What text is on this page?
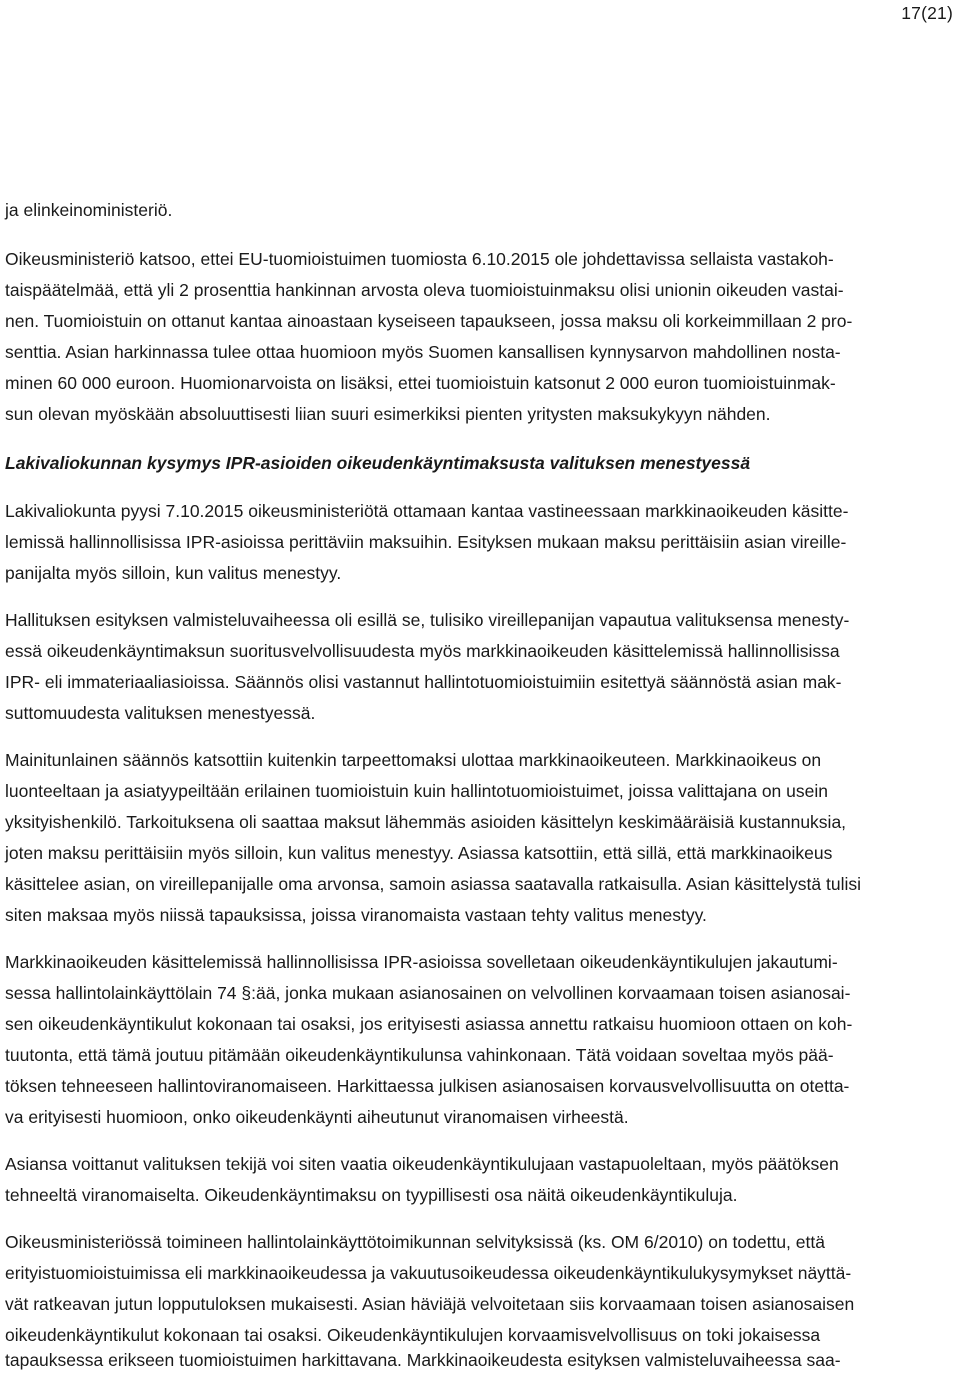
17(21)
ja elinkeinoministeriö.
Oikeusministeriö katsoo, ettei EU-tuomioistuimen tuomiosta 6.10.2015 ole johdettavissa sellaista vastakoh-
taispäätelmää, että yli 2 prosenttia hankinnan arvosta oleva tuomioistuinmaksu olisi unionin oikeuden vastai-
nen. Tuomioistuin on ottanut kantaa ainoastaan kyseiseen tapaukseen, jossa maksu oli korkeimmillaan 2 pro-
senttia. Asian harkinnassa tulee ottaa huomioon myös Suomen kansallisen kynnysarvon mahdollinen nosta-
minen 60 000 euroon. Huomionarvoista on lisäksi, ettei tuomioistuin katsonut 2 000 euron tuomioistuinmak-
sun olevan myöskään absoluuttisesti liian suuri esimerkiksi pienten yritysten maksukykyyn nähden.
Lakivaliokunnan kysymys IPR-asioiden oikeudenkäyntimaksusta valituksen menestyessä
Lakivaliokunta pyysi 7.10.2015 oikeusministeriötä ottamaan kantaa vastineessaan markkinaoikeuden käsitte-
lemissä hallinnollisissa IPR-asioissa perittäviin maksuihin. Esityksen mukaan maksu perittäisiin asian vireille-
panijalta myös silloin, kun valitus menestyy.
Hallituksen esityksen valmisteluvaiheessa oli esillä se, tulisiko vireillepanijan vapautua valituksensa menesty-
essä oikeudenkäyntimaksun suoritusvelvollisuudesta myös markkinaoikeuden käsittelemissä hallinnollisissa
IPR- eli immateriaaliasioissa. Säännös olisi vastannut hallintotuomioistuimiin esitettyä säännöstä asian mak-
suttomuudesta valituksen menestyessä.
Mainitunlainen säännös katsottiin kuitenkin tarpeettomaksi ulottaa markkinaoikeuteen. Markkinaoikeus on
luonteeltaan ja asiatyypeiltään erilainen tuomioistuin kuin hallintotuomioistuimet, joissa valittajana on usein
yksityishenkilö. Tarkoituksena oli saattaa maksut lähemmäs asioiden käsittelyn keskimääräisiä kustannuksia,
joten maksu perittäisiin myös silloin, kun valitus menestyy. Asiassa katsottiin, että sillä, että markkinaoikeus
käsittelee asian, on vireillepanijalle oma arvonsa, samoin asiassa saatavalla ratkaisulla. Asian käsittelystä tulisi
siten maksaa myös niissä tapauksissa, joissa viranomaista vastaan tehty valitus menestyy.
Markkinaoikeuden käsittelemissä hallinnollisissa IPR-asioissa sovelletaan oikeudenkäyntikulujen jakautumi-
sessa hallintolainkäyttölain 74 §:ää, jonka mukaan asianosainen on velvollinen korvaamaan toisen asianosai-
sen oikeudenkäyntikulut kokonaan tai osaksi, jos erityisesti asiassa annettu ratkaisu huomioon ottaen on koh-
tuutonta, että tämä joutuu pitämään oikeudenkäyntikulunsa vahinkonaan. Tätä voidaan soveltaa myös pää-
töksen tehneeseen hallintoviranomaiseen. Harkittaessa julkisen asianosaisen korvausvelvollisuutta on otetta-
va erityisesti huomioon, onko oikeudenkäynti aiheutunut viranomaisen virheestä.
Asiansa voittanut valituksen tekijä voi siten vaatia oikeudenkäyntikulujaan vastapuoleltaan, myös päätöksen
tehneeltä viranomaiselta. Oikeudenkäyntimaksu on tyypillisesti osa näitä oikeudenkäyntikuluja.
Oikeusministeriössä toimineen hallintolainkäyttötoimikunnan selvityksissä (ks. OM 6/2010) on todettu, että
erityistuomioistuimissa eli markkinaoikeudessa ja vakuutusoikeudessa oikeudenkäyntikulukysymykset näyttä-
vät ratkeavan jutun lopputuloksen mukaisesti. Asian häviäjä velvoitetaan siis korvaamaan toisen asianosaisen
oikeudenkäyntikulut kokonaan tai osaksi. Oikeudenkäyntikulujen korvaamisvelvollisuus on toki jokaisessa
tapauksessa erikseen tuomioistuimen harkittavana. Markkinaoikeudesta esityksen valmisteluvaiheessa saa-
